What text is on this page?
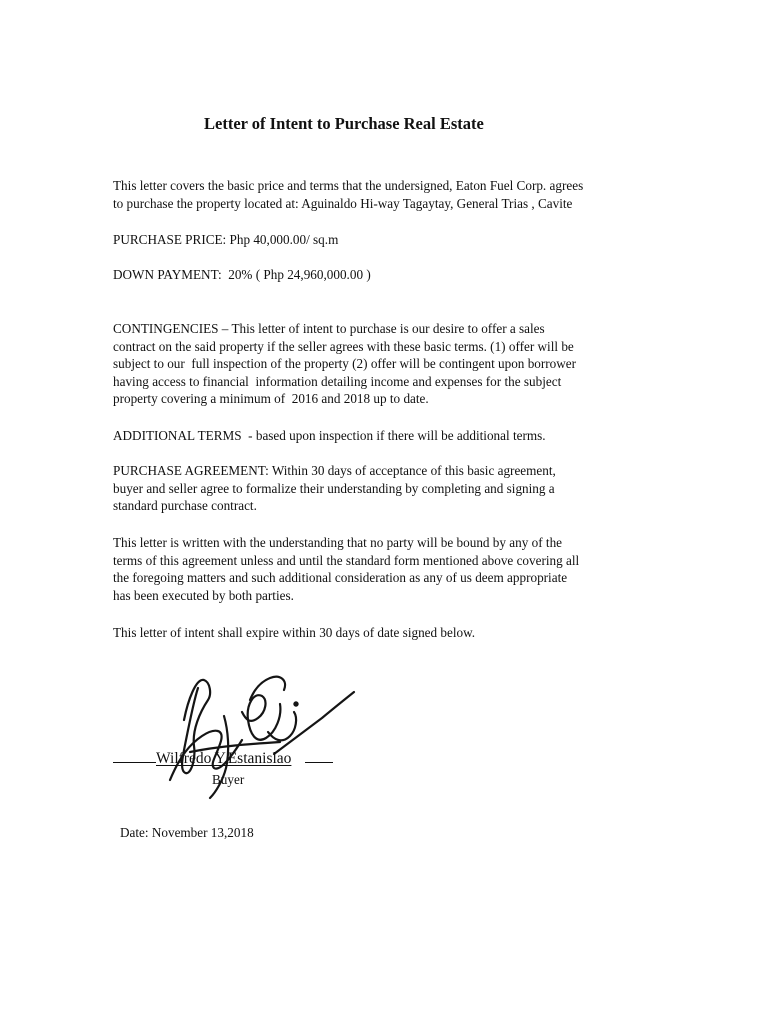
Letter of Intent to Purchase Real Estate
This letter covers the basic price and terms that the undersigned, Eaton Fuel Corp. agrees
to purchase the property located at: Aguinaldo Hi-way Tagaytay, General Trias , Cavite
PURCHASE PRICE: Php 40,000.00/ sq.m
DOWN PAYMENT:  20% ( Php 24,960,000.00 )
CONTINGENCIES – This letter of intent to purchase is our desire to offer a sales
contract on the said property if the seller agrees with these basic terms. (1) offer will be
subject to our  full inspection of the property (2) offer will be contingent upon borrower
having access to financial  information detailing income and expenses for the subject
property covering a minimum of  2016 and 2018 up to date.
ADDITIONAL TERMS  - based upon inspection if there will be additional terms.
PURCHASE AGREEMENT: Within 30 days of acceptance of this basic agreement,
buyer and seller agree to formalize their understanding by completing and signing a
standard purchase contract.
This letter is written with the understanding that no party will be bound by any of the
terms of this agreement unless and until the standard form mentioned above covering all
the foregoing matters and such additional consideration as any of us deem appropriate
has been executed by both parties.
This letter of intent shall expire within 30 days of date signed below.
Wilfredo Y.Estanislao
Buyer
Date: November 13,2018
